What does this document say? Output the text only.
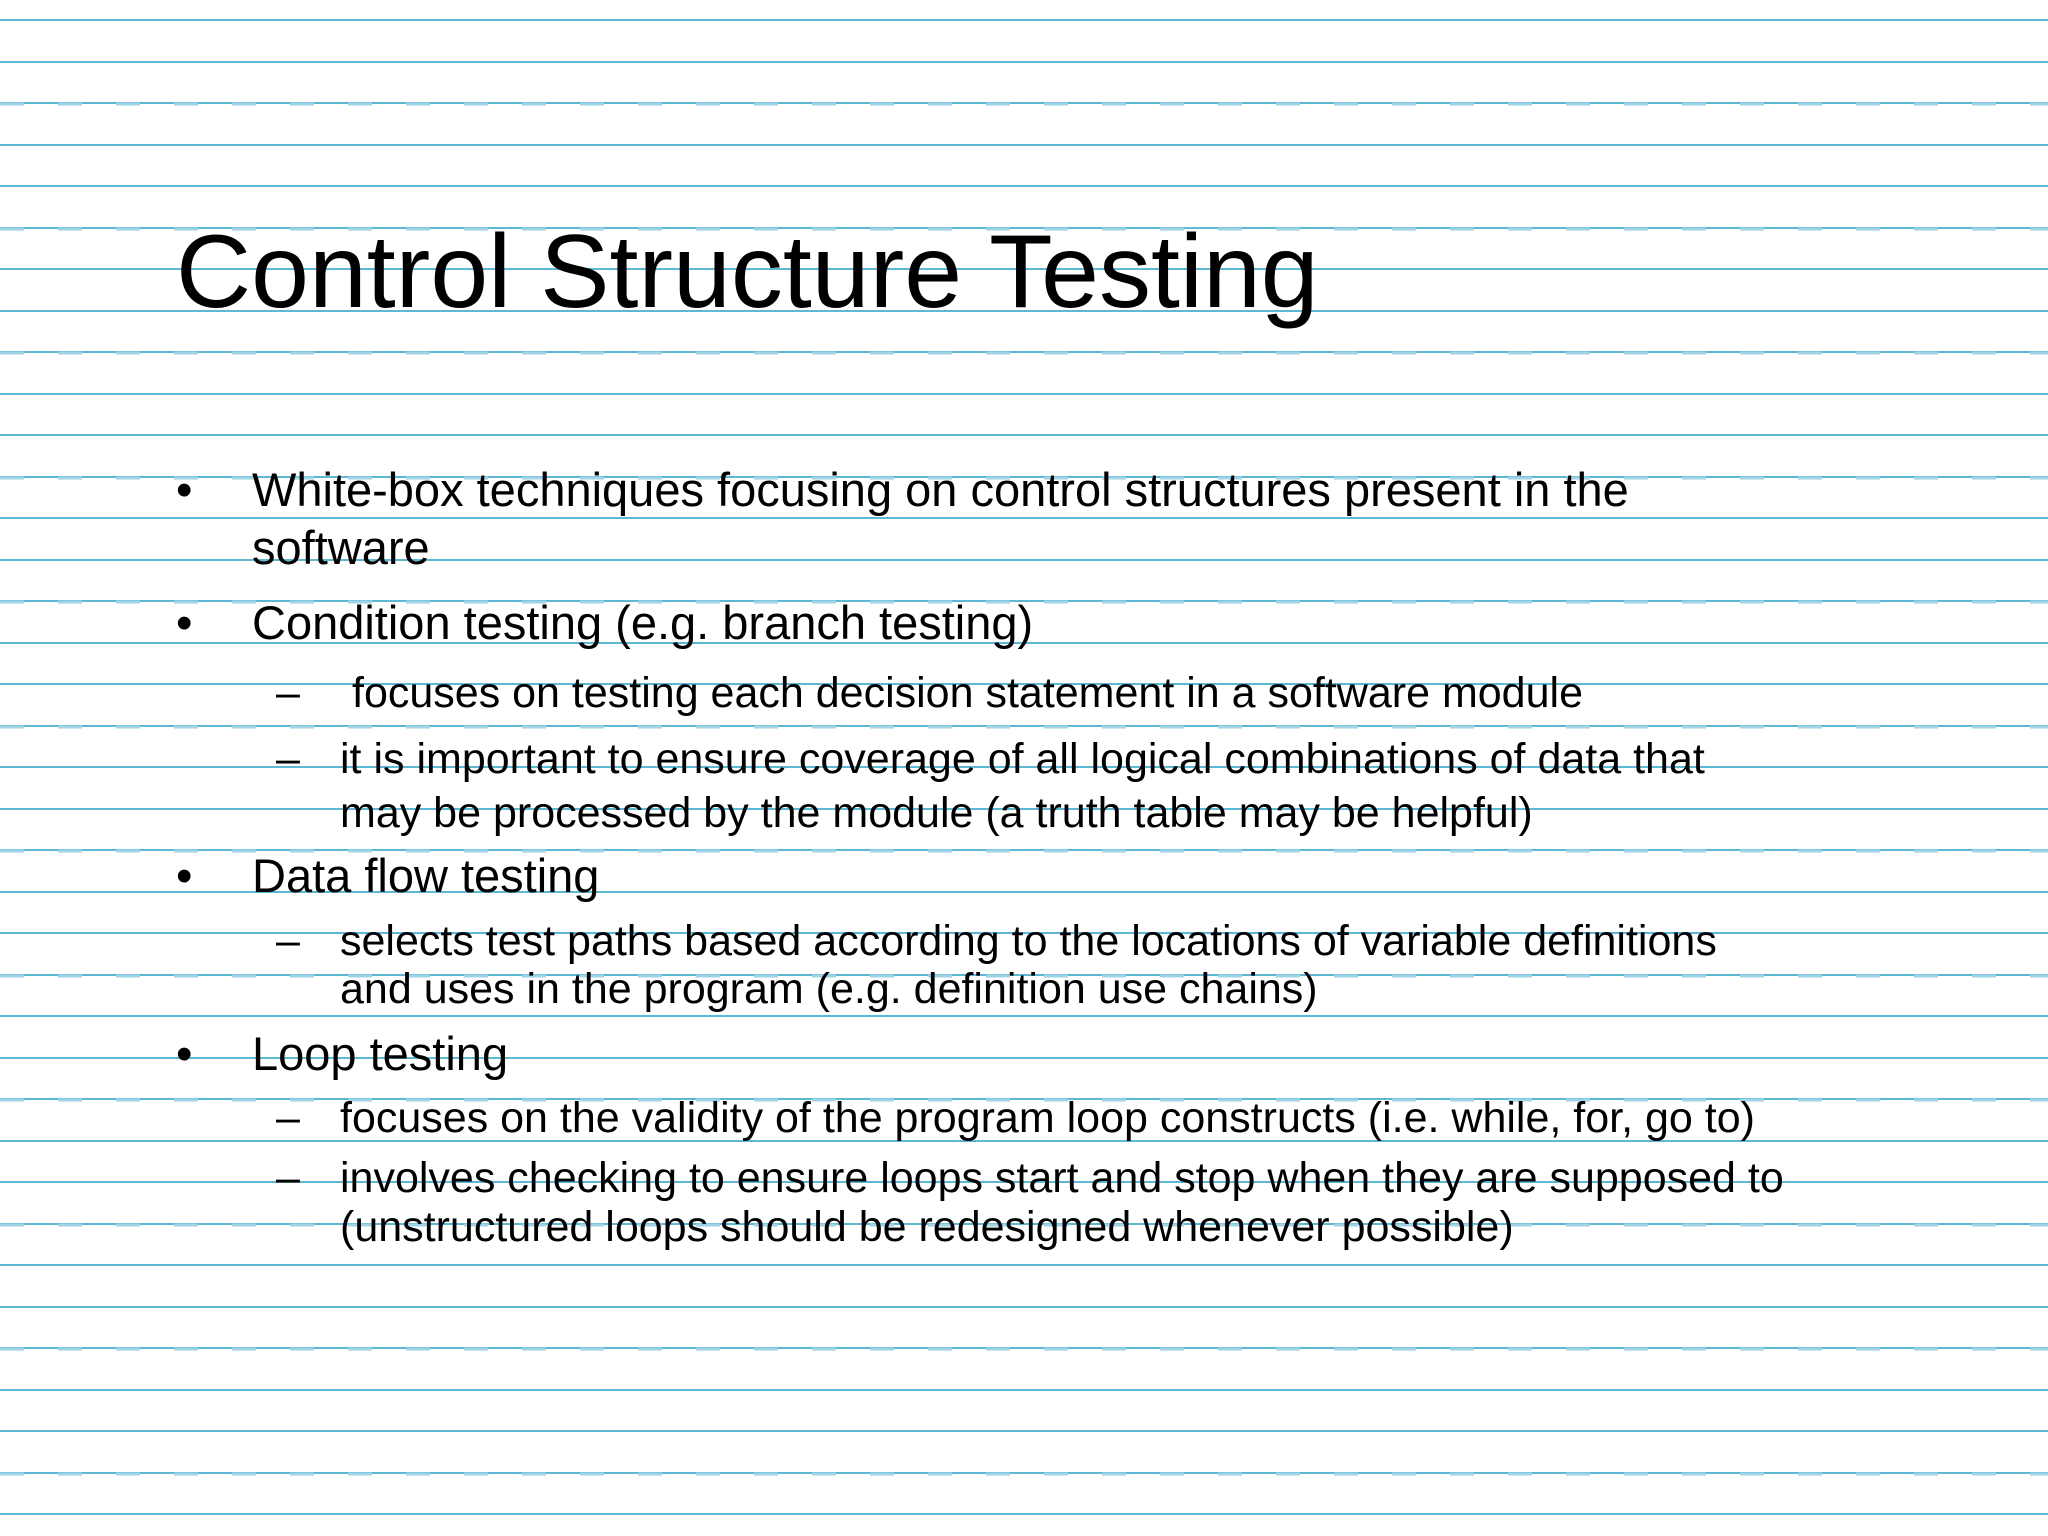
Control Structure Testing
• White-box techniques focusing on control structures present in the

software

• Condition testing (e.g. branch testing)

– focuses on testing each decision statement in a software module

– it is important to ensure coverage of all logical combinations of data that

may be processed by the module (a truth table may be helpful)

• Data flow testing

– selects test paths based according to the locations of variable definitions

and uses in the program (e.g. definition use chains)

• Loop testing

– focuses on the validity of the program loop constructs (i.e. while, for, go to)

– involves checking to ensure loops start and stop when they are supposed to

(unstructured loops should be redesigned whenever possible)
